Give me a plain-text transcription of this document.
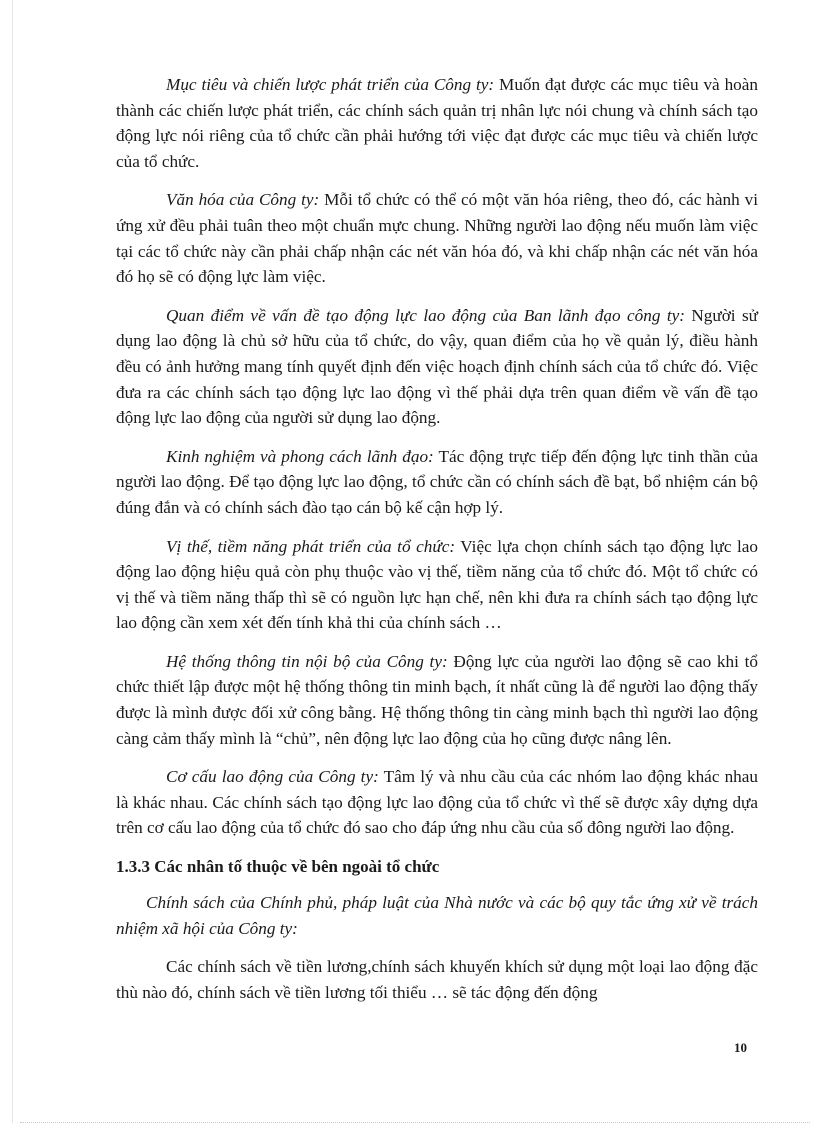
Mục tiêu và chiến lược phát triển của Công ty: Muốn đạt được các mục tiêu và hoàn thành các chiến lược phát triển, các chính sách quản trị nhân lực nói chung và chính sách tạo động lực nói riêng của tổ chức cần phải hướng tới việc đạt được các mục tiêu và chiến lược của tổ chức.

Văn hóa của Công ty: Mỗi tổ chức có thể có một văn hóa riêng, theo đó, các hành vi ứng xử đều phải tuân theo một chuẩn mực chung. Những người lao động nếu muốn làm việc tại các tổ chức này cần phải chấp nhận các nét văn hóa đó, và khi chấp nhận các nét văn hóa đó họ sẽ có động lực làm việc.

Quan điểm về vấn đề tạo động lực lao động của Ban lãnh đạo công ty: Người sử dụng lao động là chủ sở hữu của tổ chức, do vậy, quan điểm của họ về quản lý, điều hành đều có ảnh hưởng mang tính quyết định đến việc hoạch định chính sách của tổ chức đó. Việc đưa ra các chính sách tạo động lực lao động vì thế phải dựa trên quan điểm về vấn đề tạo động lực lao động của người sử dụng lao động.

Kinh nghiệm và phong cách lãnh đạo: Tác động trực tiếp đến động lực tinh thần của người lao động. Để tạo động lực lao động, tổ chức cần có chính sách đề bạt, bổ nhiệm cán bộ đúng đắn và có chính sách đào tạo cán bộ kế cận hợp lý.

Vị thế, tiềm năng phát triển của tổ chức: Việc lựa chọn chính sách tạo động lực lao động lao động hiệu quả còn phụ thuộc vào vị thế, tiềm năng của tổ chức đó. Một tổ chức có vị thế và tiềm năng thấp thì sẽ có nguồn lực hạn chế, nên khi đưa ra chính sách tạo động lực lao động cần xem xét đến tính khả thi của chính sách …

Hệ thống thông tin nội bộ của Công ty: Động lực của người lao động sẽ cao khi tổ chức thiết lập được một hệ thống thông tin minh bạch, ít nhất cũng là để người lao động thấy được là mình được đối xử công bằng. Hệ thống thông tin càng minh bạch thì người lao động càng cảm thấy mình là “chủ”, nên động lực lao động của họ cũng được nâng lên.

Cơ cấu lao động của Công ty: Tâm lý và nhu cầu của các nhóm lao động khác nhau là khác nhau. Các chính sách tạo động lực lao động của tổ chức vì thế sẽ được xây dựng dựa trên cơ cấu lao động của tổ chức đó sao cho đáp ứng nhu cầu của số đông người lao động.

1.3.3 Các nhân tố thuộc về bên ngoài tổ chức

Chính sách của Chính phủ, pháp luật của Nhà nước và các bộ quy tắc ứng xử về trách nhiệm xã hội của Công ty:

Các chính sách về tiền lương,chính sách khuyến khích sử dụng một loại lao động đặc thù nào đó, chính sách về tiền lương tối thiểu … sẽ tác động đến động

10
